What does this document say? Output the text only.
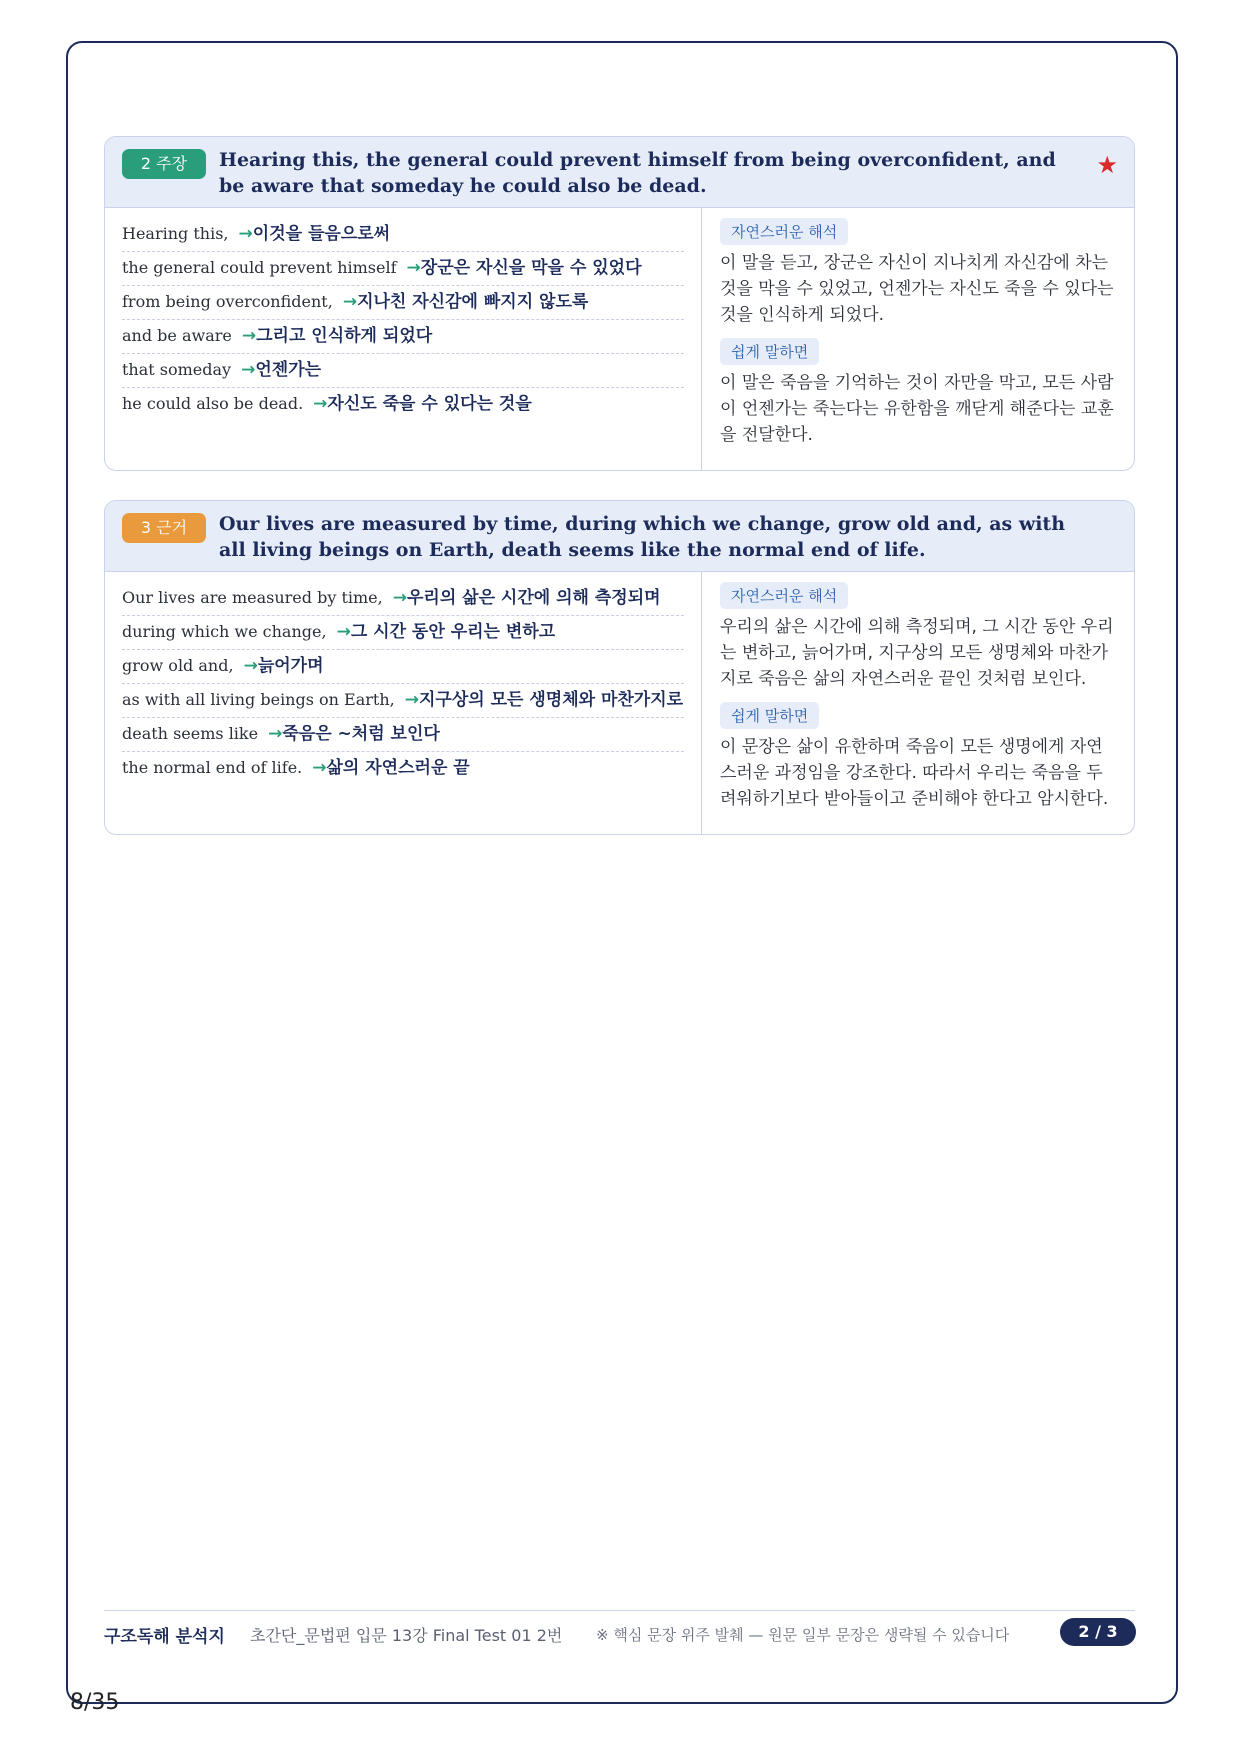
2 주장	Hearing this, the general could prevent himself from being overconfident, and be aware that someday he could also be dead.
★
Hearing this, →이것을 들음으로써
the general could prevent himself →장군은 자신을 막을 수 있었다
from being overconfident, →지나친 자신감에 빠지지 않도록
and be aware →그리고 인식하게 되었다
that someday →언젠가는
he could also be dead. →자신도 죽을 수 있다는 것을
자연스러운 해석

이 말을 듣고, 장군은 자신이 지나치게 자신감에 차는 것을 막을 수 있었고, 언젠가는 자신도 죽을 수 있다는 것을 인식하게 되었다.

쉽게 말하면

이 말은 죽음을 기억하는 것이 자만을 막고, 모든 사람이 언젠가는 죽는다는 유한함을 깨닫게 해준다는 교훈을 전달한다.

3 근거	Our lives are measured by time, during which we change, grow old and, as with all living beings on Earth, death seems like the normal end of life.
Our lives are measured by time, →우리의 삶은 시간에 의해 측정되며
during which we change, →그 시간 동안 우리는 변하고
grow old and, →늙어가며
as with all living beings on Earth, →지구상의 모든 생명체와 마찬가지로
death seems like →죽음은 ~처럼 보인다
the normal end of life. →삶의 자연스러운 끝
자연스러운 해석

우리의 삶은 시간에 의해 측정되며, 그 시간 동안 우리는 변하고, 늙어가며, 지구상의 모든 생명체와 마찬가지로 죽음은 삶의 자연스러운 끝인 것처럼 보인다.

쉽게 말하면

이 문장은 삶이 유한하며 죽음이 모든 생명에게 자연스러운 과정임을 강조한다. 따라서 우리는 죽음을 두려워하기보다 받아들이고 준비해야 한다고 암시한다.

구조독해 분석지 초간단_문법편 입문 13강 Final Test 01 2번 ※ 핵심 문장 위주 발췌 — 원문 일부 문장은 생략될 수 있습니다	2 / 3
8/35
